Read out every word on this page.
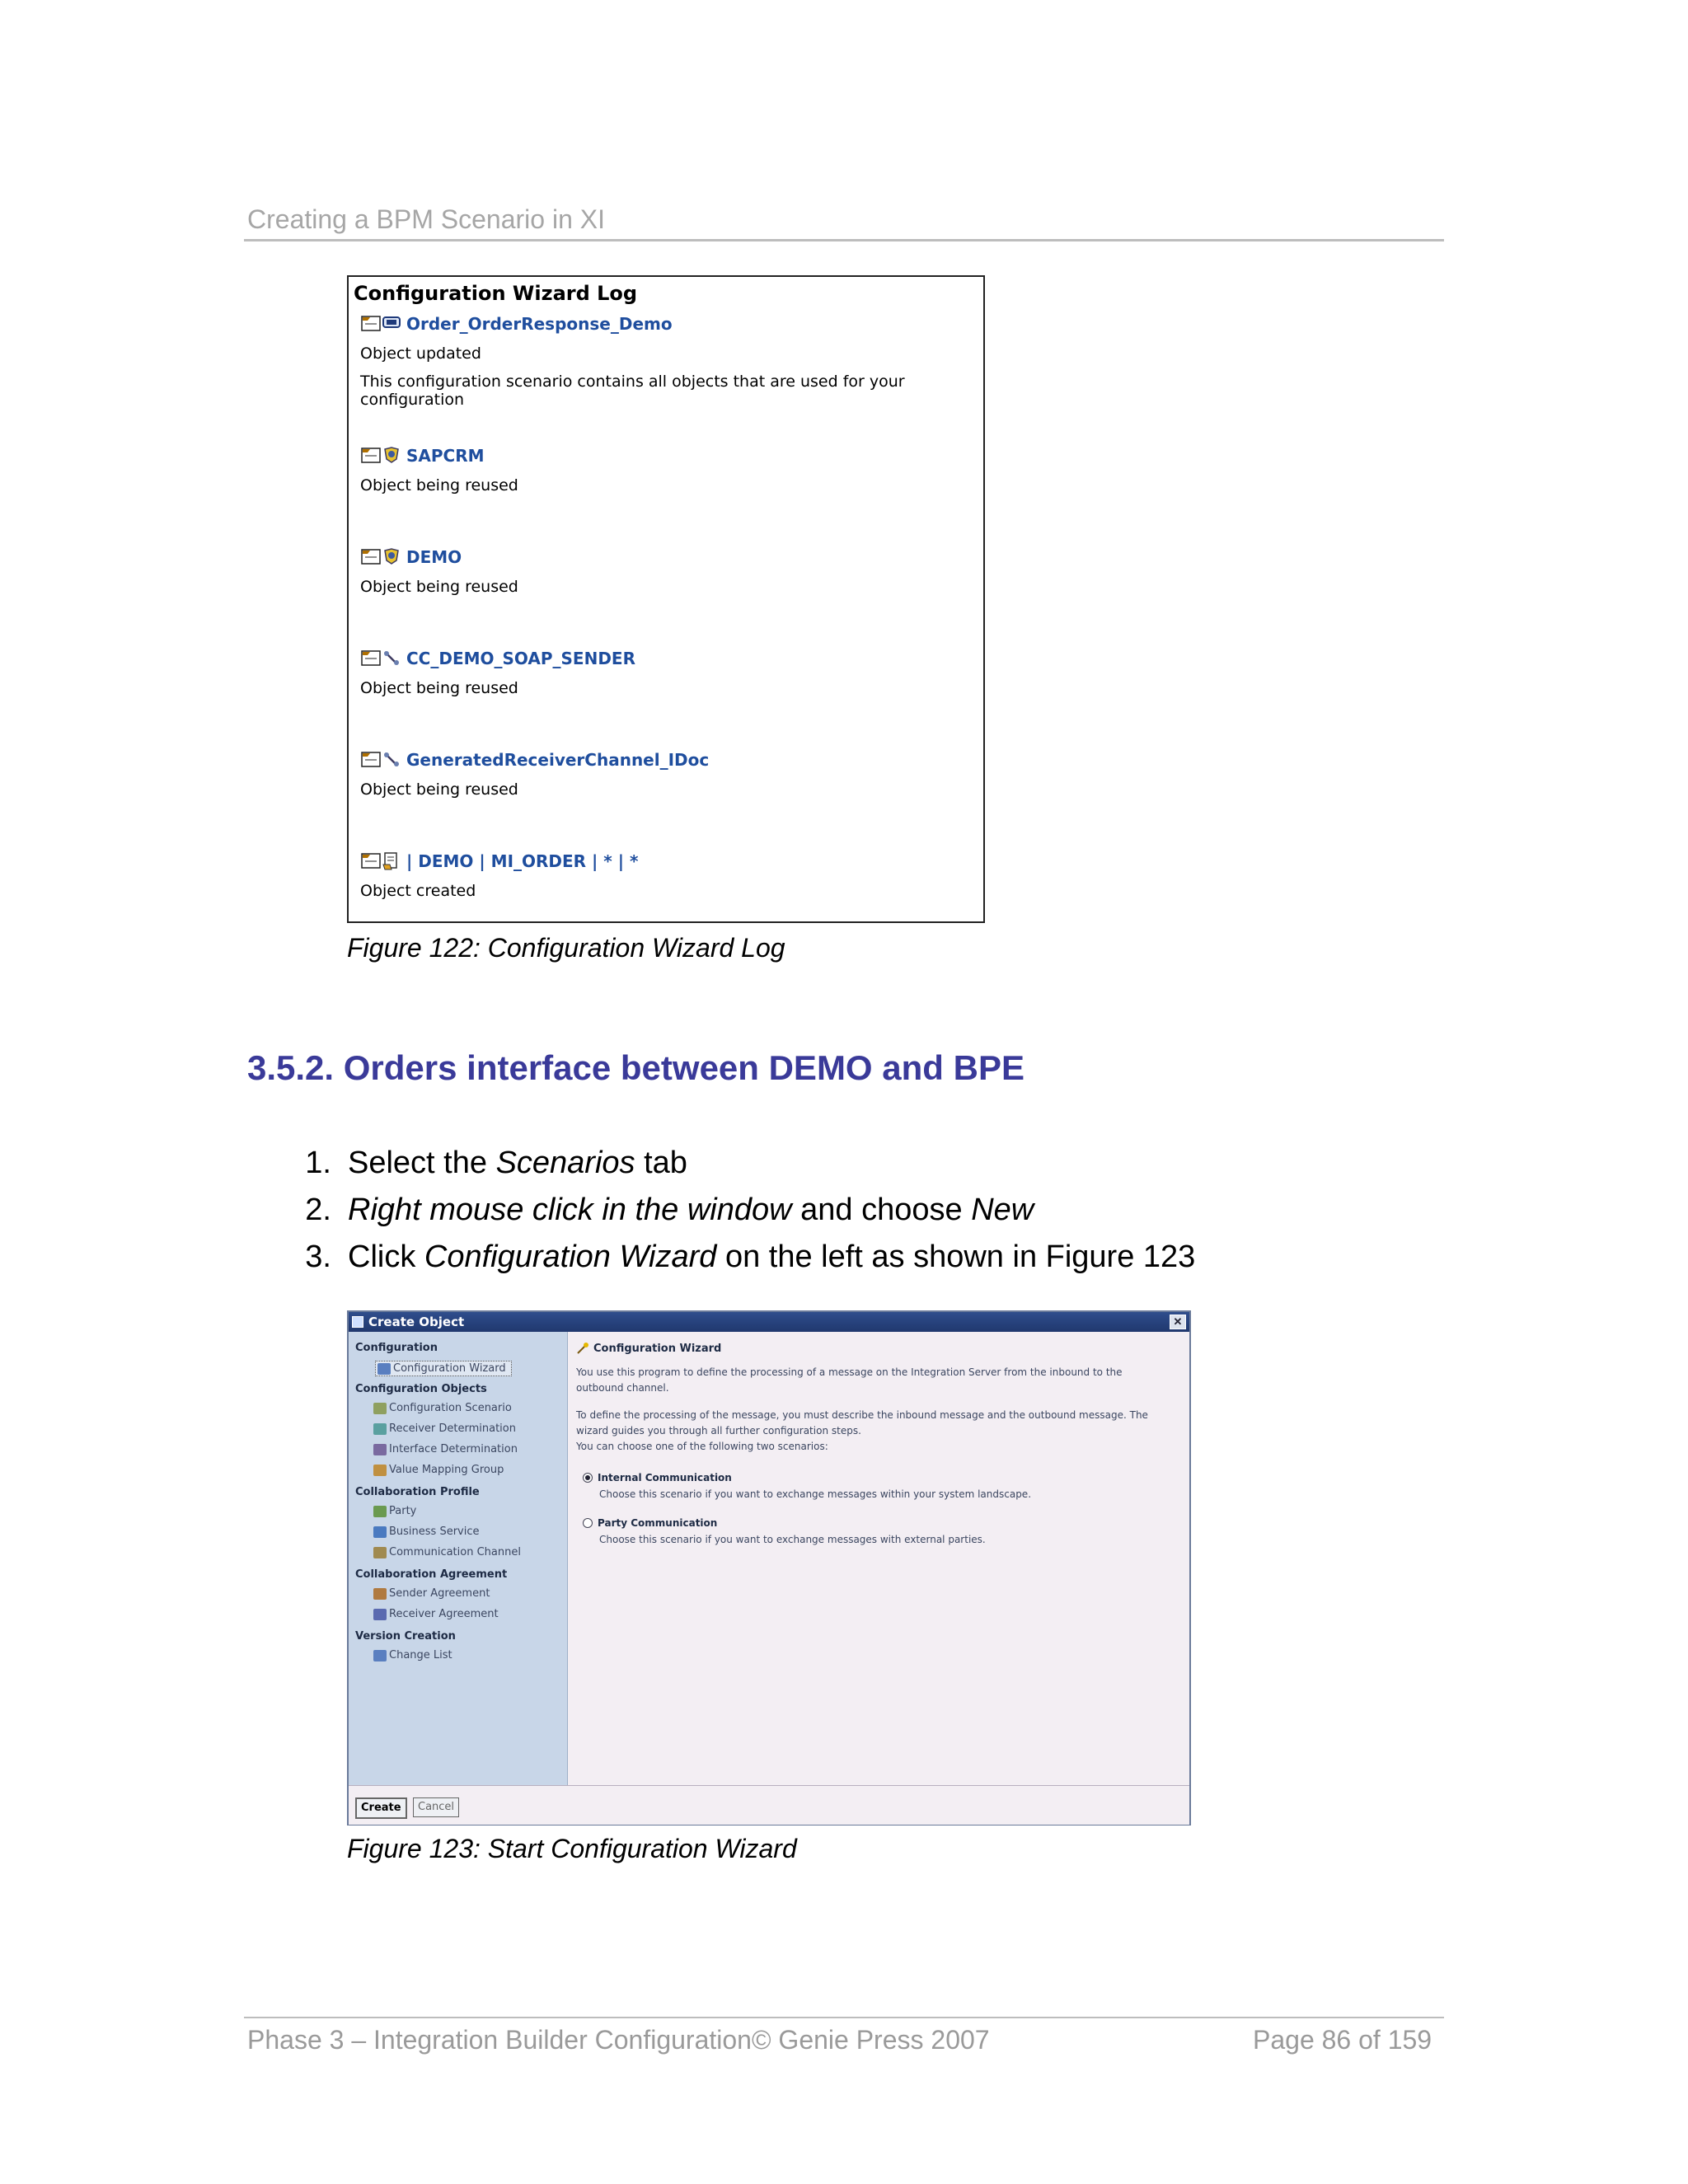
Creating a BPM Scenario in XI
Configuration Wizard Log
Order_OrderResponse_Demo
Object updated
This configuration scenario contains all objects that are used for your configuration
SAPCRM
Object being reused
DEMO
Object being reused
CC_DEMO_SOAP_SENDER
Object being reused
GeneratedReceiverChannel_IDoc
Object being reused
| DEMO | MI_ORDER | * | *
Object created
Figure 122: Configuration Wizard Log
3.5.2. Orders interface between DEMO and BPE
1. Select the Scenarios tab
2. Right mouse click in the window and choose New
3. Click Configuration Wizard on the left as shown in Figure 123
Create Object	✕
Configuration
Configuration Wizard
Configuration Objects
Configuration Scenario
Receiver Determination
Interface Determination
Value Mapping Group
Collaboration Profile
Party
Business Service
Communication Channel
Collaboration Agreement
Sender Agreement
Receiver Agreement
Version Creation
Change List
Configuration Wizard
You use this program to define the processing of a message on the Integration Server from the inbound to the outbound channel.
To define the processing of the message, you must describe the inbound message and the outbound message. The wizard guides you through all further configuration steps.
You can choose one of the following two scenarios:
Internal Communication
Choose this scenario if you want to exchange messages within your system landscape.
Party Communication
Choose this scenario if you want to exchange messages with external parties.
Create	Cancel
Figure 123: Start Configuration Wizard
Phase 3 – Integration Builder Configuration© Genie Press 2007	Page 86 of 159
